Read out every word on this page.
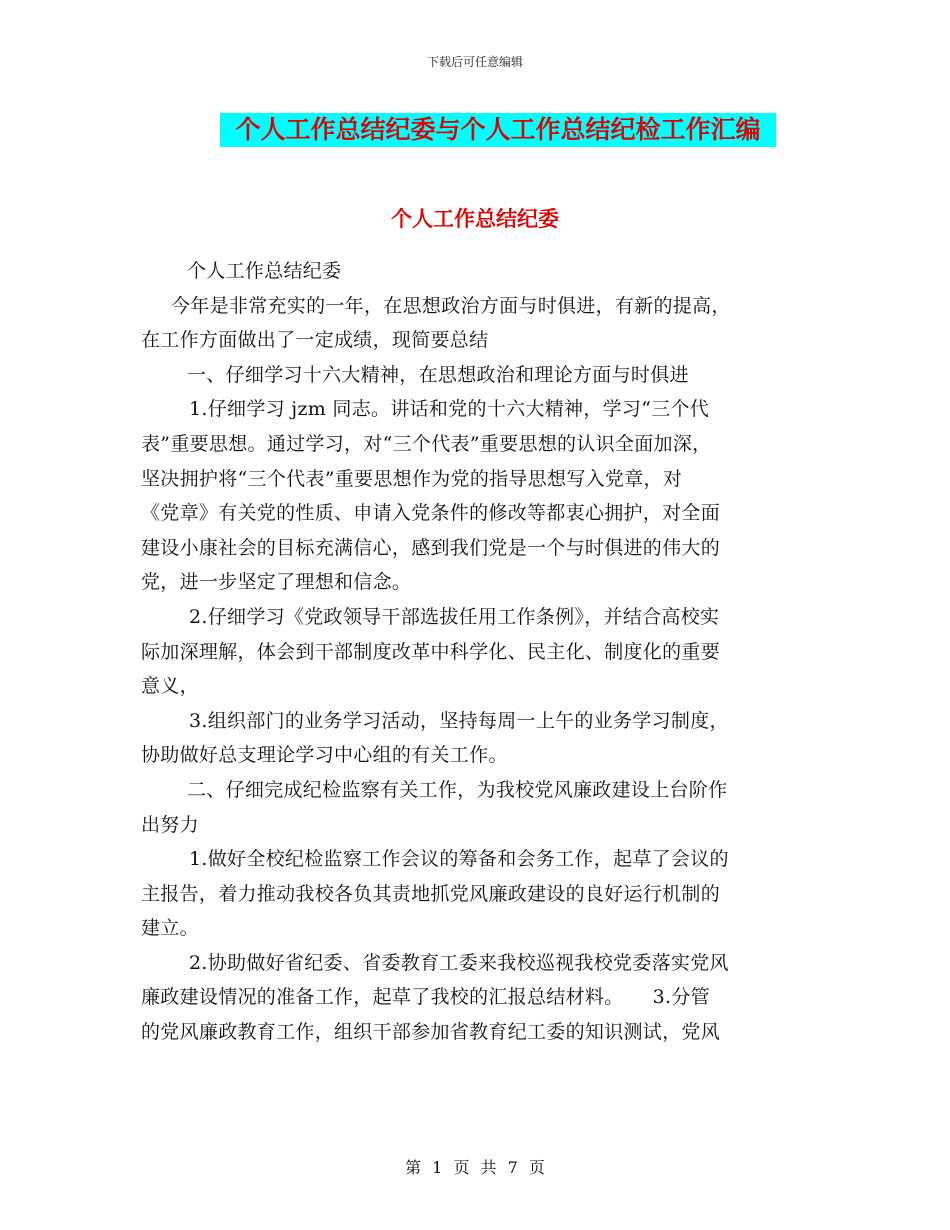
下载后可任意编辑
个人工作总结纪委与个人工作总结纪检工作汇编
个人工作总结纪委
个人工作总结纪委
今年是非常充实的一年，在思想政治方面与时俱进，有新的提高，
在工作方面做出了一定成绩，现简要总结
一、仔细学习十六大精神，在思想政治和理论方面与时俱进
1.仔细学习 jzm 同志。讲话和党的十六大精神，学习“三个代
表”重要思想。通过学习，对“三个代表”重要思想的认识全面加深，
坚决拥护将“三个代表”重要思想作为党的指导思想写入党章，对
《党章》有关党的性质、申请入党条件的修改等都衷心拥护，对全面
建设小康社会的目标充满信心，感到我们党是一个与时俱进的伟大的
党，进一步坚定了理想和信念。
2.仔细学习《党政领导干部选拔任用工作条例》，并结合高校实
际加深理解，体会到干部制度改革中科学化、民主化、制度化的重要
意义，
3.组织部门的业务学习活动，坚持每周一上午的业务学习制度，
协助做好总支理论学习中心组的有关工作。
二、仔细完成纪检监察有关工作，为我校党风廉政建设上台阶作
出努力
1.做好全校纪检监察工作会议的筹备和会务工作，起草了会议的
主报告，着力推动我校各负其责地抓党风廉政建设的良好运行机制的
建立。
2.协助做好省纪委、省委教育工委来我校巡视我校党委落实党风
廉政建设情况的准备工作，起草了我校的汇报总结材料。　　3.分管
的党风廉政教育工作，组织干部参加省教育纪工委的知识测试，党风
第 1 页 共 7 页
